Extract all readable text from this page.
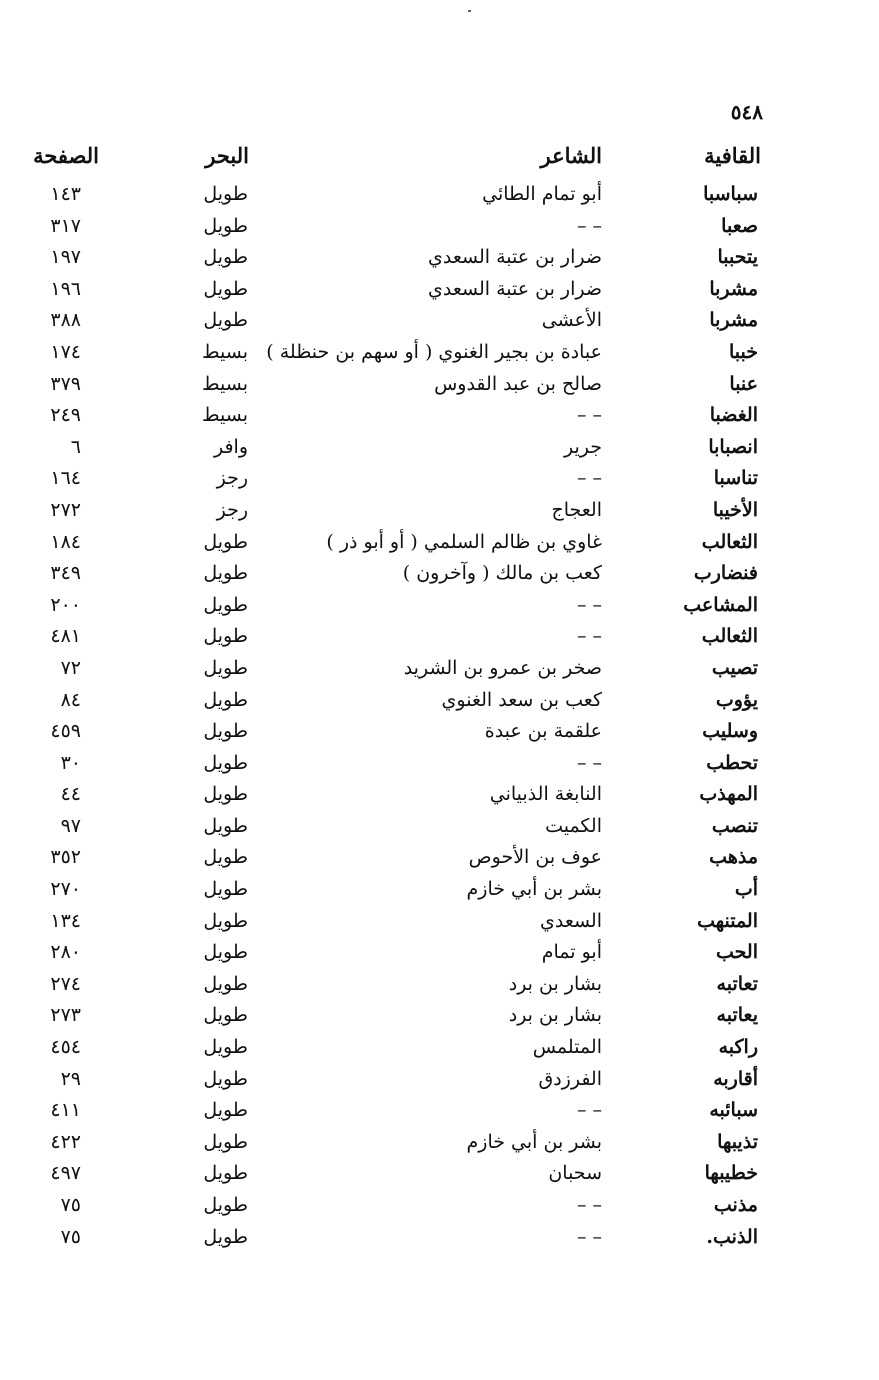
٥٤٨
القافية
الشاعر
البحر
الصفحة
سباسبا
أبو تمام الطائي
طويل
١٤٣
صعبا
– –
طويل
٣١٧
يتحببا
ضرار بن عتبة السعدي
طويل
١٩٧
مشربا
ضرار بن عتبة السعدي
طويل
١٩٦
مشربا
الأعشى
طويل
٣٨٨
خببا
عبادة بن بجير الغنوي ( أو سهم بن حنظلة )
بسيط
١٧٤
عنبا
صالح بن عبد القدوس
بسيط
٣٧٩
الغضبا
– –
بسيط
٢٤٩
انصبابا
جرير
وافر
٦
تناسبا
– –
رجز
١٦٤
الأخيبا
العجاج
رجز
٢٧٢
الثعالب
غاوي بن ظالم السلمي ( أو أبو ذر )
طويل
١٨٤
فنضارب
كعب بن مالك ( وآخرون )
طويل
٣٤٩
المشاعب
– –
طويل
٢٠٠
الثعالب
– –
طويل
٤٨١
تصيب
صخر بن عمرو بن الشريد
طويل
٧٢
يؤوب
كعب بن سعد الغنوي
طويل
٨٤
وسليب
علقمة بن عبدة
طويل
٤٥٩
تحطب
– –
طويل
٣٠
المهذب
النابغة الذبياني
طويل
٤٤
تنصب
الكميت
طويل
٩٧
مذهب
عوف بن الأحوص
طويل
٣٥٢
أب
بشر بن أبي خازم
طويل
٢٧٠
المتنهب
السعدي
طويل
١٣٤
الحب
أبو تمام
طويل
٢٨٠
تعاتبه
بشار بن برد
طويل
٢٧٤
يعاتبه
بشار بن برد
طويل
٢٧٣
راكبه
المتلمس
طويل
٤٥٤
أقاربه
الفرزدق
طويل
٢٩
سبائبه
– –
طويل
٤١١
تذيبها
بشر بن أبي خازم
طويل
٤٢٢
خطيبها
سحبان
طويل
٤٩٧
مذنب
– –
طويل
٧٥
الذنب.
– –
طويل
٧٥
